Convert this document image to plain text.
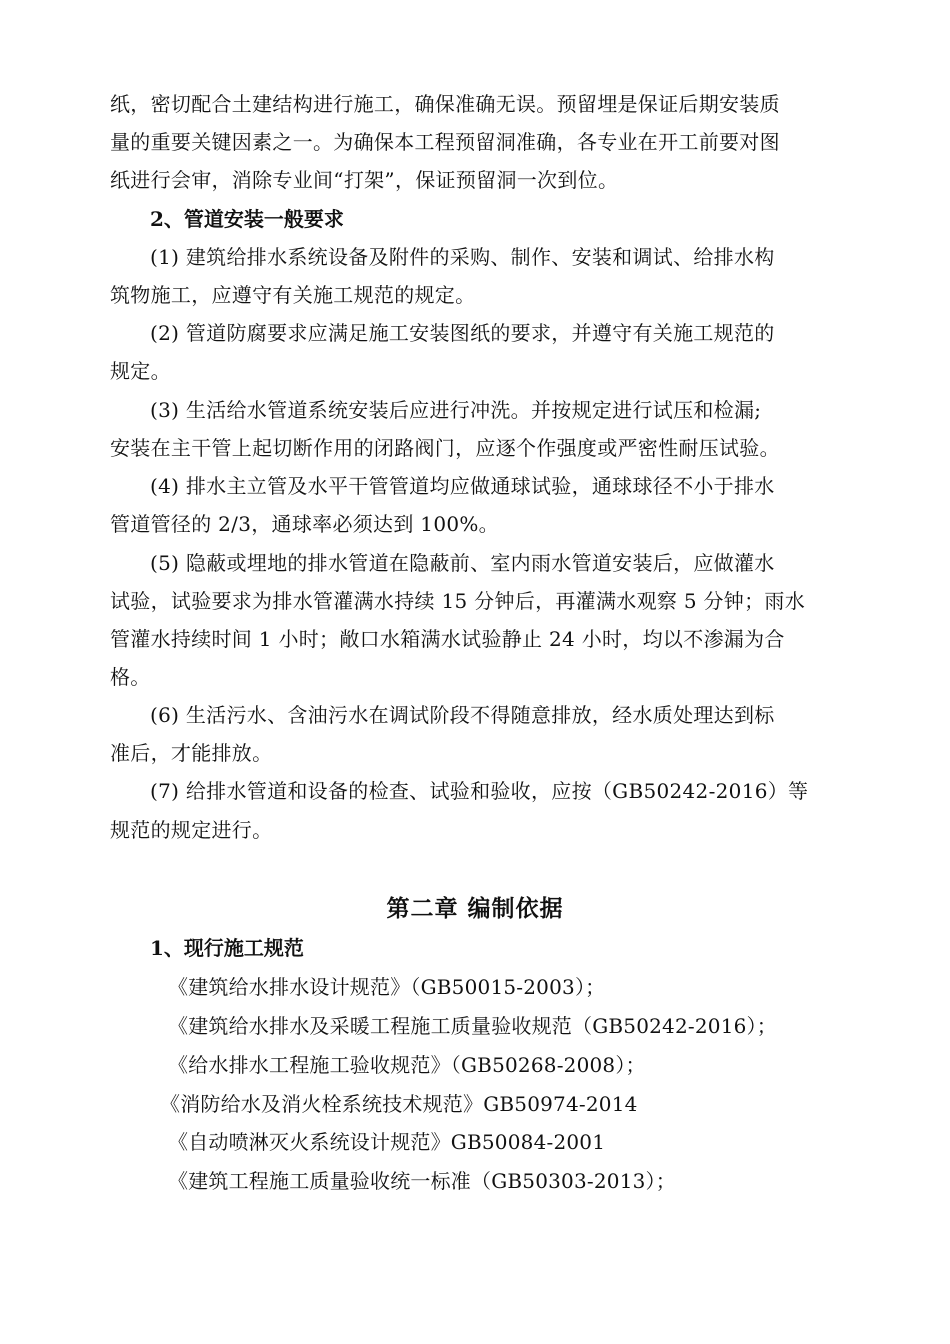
纸，密切配合土建结构进行施工，确保准确无误。预留埋是保证后期安装质
量的重要关键因素之一。为确保本工程预留洞准确，各专业在开工前要对图
纸进行会审，消除专业间“打架”，保证预留洞一次到位。
2、管道安装一般要求
(1) 建筑给排水系统设备及附件的采购、制作、安装和调试、给排水构
筑物施工，应遵守有关施工规范的规定。
(2) 管道防腐要求应满足施工安装图纸的要求，并遵守有关施工规范的
规定。
(3) 生活给水管道系统安装后应进行冲洗。并按规定进行试压和检漏;
安装在主干管上起切断作用的闭路阀门，应逐个作强度或严密性耐压试验。
(4) 排水主立管及水平干管管道均应做通球试验，通球球径不小于排水
管道管径的 2/3，通球率必须达到 100%。
(5) 隐蔽或埋地的排水管道在隐蔽前、室内雨水管道安装后，应做灌水
试验，试验要求为排水管灌满水持续 15 分钟后，再灌满水观察 5 分钟；雨水
管灌水持续时间 1 小时；敞口水箱满水试验静止 24 小时，均以不渗漏为合
格。
(6) 生活污水、含油污水在调试阶段不得随意排放，经水质处理达到标
准后，才能排放。
(7) 给排水管道和设备的检查、试验和验收，应按（GB50242-2016）等
规范的规定进行。
第二章 编制依据
1、现行施工规范
《建筑给水排水设计规范》（GB50015-2003）；
《建筑给水排水及采暖工程施工质量验收规范（GB50242-2016）；
《给水排水工程施工验收规范》（GB50268-2008）；
《消防给水及消火栓系统技术规范》GB50974-2014
《自动喷淋灭火系统设计规范》GB50084-2001
《建筑工程施工质量验收统一标准（GB50303-2013）；
